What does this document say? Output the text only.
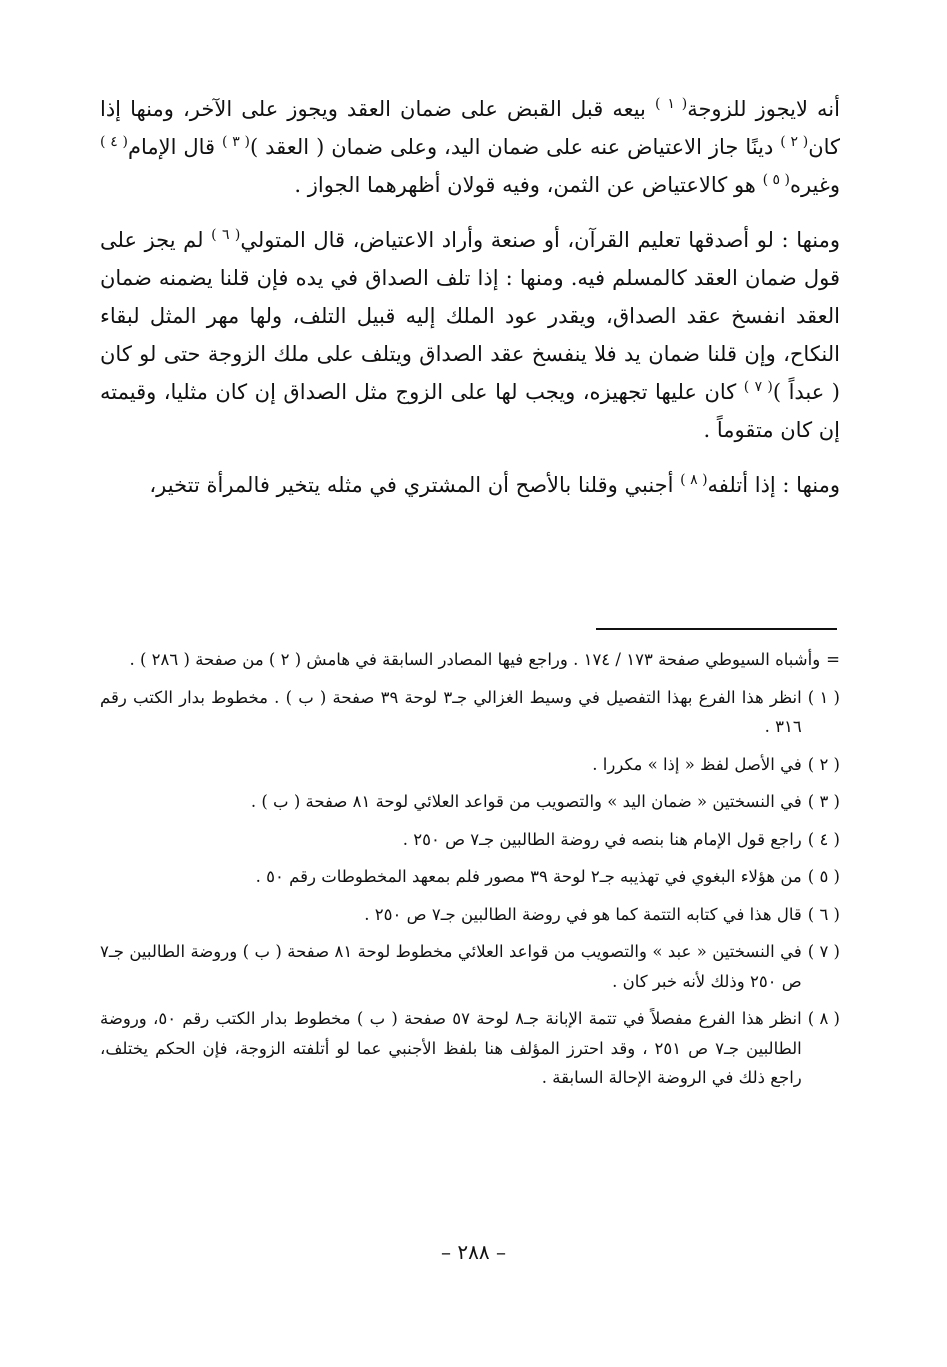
أنه لايجوز للزوجة$^{( ١ )}$ بيعه قبل القبض على ضمان العقد ويجوز على الآخر، ومنها إذا كان$^{( ٢ )}$ دينًا جاز الاعتياض عنه على ضمان اليد، وعلى ضمان ( العقد )$^{( ٣ )}$ قال الإمام$^{( ٤ )}$ وغيره$^{( ٥ )}$ هو كالاعتياض عن الثمن، وفيه قولان أظهرهما الجواز .

ومنها : لو أصدقها تعليم القرآن، أو صنعة وأراد الاعتياض، قال المتولي$^{( ٦ )}$ لم يجز على قول ضمان العقد كالمسلم فيه. ومنها : إذا تلف الصداق في يده فإن قلنا يضمنه ضمان العقد انفسخ عقد الصداق، ويقدر عود الملك إليه قبيل التلف، ولها مهر المثل لبقاء النكاح، وإن قلنا ضمان يد فلا ينفسخ عقد الصداق ويتلف على ملك الزوجة حتى لو كان ( عبداً )$^{( ٧ )}$ كان عليها تجهيزه، ويجب لها على الزوج مثل الصداق إن كان مثليا، وقيمته إن كان متقوماً .

ومنها : إذا أتلفه$^{( ٨ )}$ أجنبي وقلنا بالأصح أن المشتري في مثله يتخير فالمرأة تتخير،

=
وأشباه السيوطي صفحة ١٧٣ / ١٧٤ . وراجع فيها المصادر السابقة في هامش ( ٢ ) من صفحة ( ٢٨٦ ) .
( ١ )
انظر هذا الفرع بهذا التفصيل في وسيط الغزالي جـ٣ لوحة ٣٩ صفحة ( ب ) . مخطوط بدار الكتب رقم ٣١٦ .
( ٢ )
في الأصل لفظ « إذا » مكررا .
( ٣ )
في النسختين « ضمان اليد » والتصويب من قواعد العلائي لوحة ٨١ صفحة ( ب ) .
( ٤ )
راجع قول الإمام هنا بنصه في روضة الطالبين جـ٧ ص ٢٥٠ .
( ٥ )
من هؤلاء البغوي في تهذيبه جـ٢ لوحة ٣٩ مصور فلم بمعهد المخطوطات رقم ٥٠ .
( ٦ )
قال هذا في كتابه التتمة كما هو في روضة الطالبين جـ٧ ص ٢٥٠ .
( ٧ )
في النسختين « عبد » والتصويب من قواعد العلائي مخطوط لوحة ٨١ صفحة ( ب ) وروضة الطالبين جـ٧ ص ٢٥٠ وذلك لأنه خبر كان .
( ٨ )
انظر هذا الفرع مفصلاً في تتمة الإبانة جـ٨ لوحة ٥٧ صفحة ( ب ) مخطوط بدار الكتب رقم ٥٠، وروضة الطالبين جـ٧ ص ٢٥١ ، وقد احترز المؤلف هنا بلفظ الأجنبي عما لو أتلفته الزوجة، فإن الحكم يختلف، راجع ذلك في الروضة الإحالة السابقة .
– ٢٨٨ –
